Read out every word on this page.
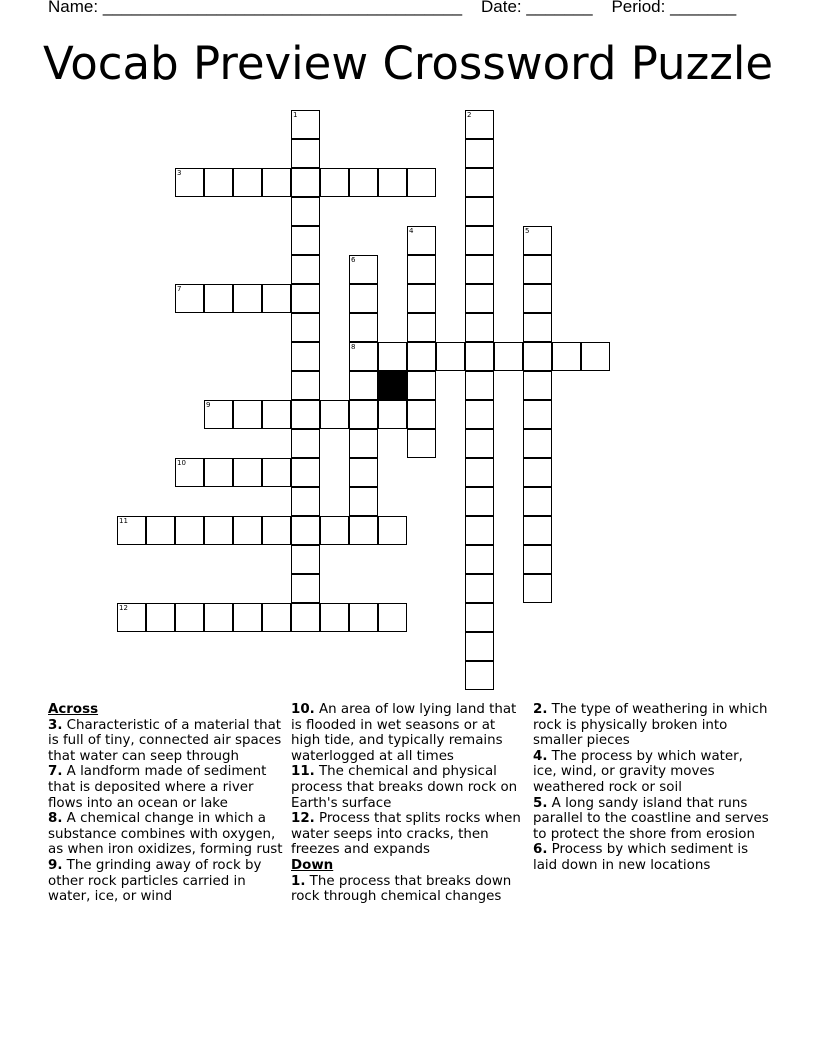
Name: ______________________________________ Date: _______ Period: _______
Vocab Preview Crossword Puzzle
1	2
3
4	5
6
8
7
9
10
11
12
Across
3. Characteristic of a material that is full of tiny, connected air spaces that water can seep through
7. A landform made of sediment that is deposited where a river flows into an ocean or lake
8. A chemical change in which a substance combines with oxygen, as when iron oxidizes, forming rust
9. The grinding away of rock by other rock particles carried in water, ice, or wind
10. An area of low lying land that is flooded in wet seasons or at high tide, and typically remains waterlogged at all times
11. The chemical and physical process that breaks down rock on Earth's surface
12. Process that splits rocks when water seeps into cracks, then freezes and expands
Down
1. The process that breaks down rock through chemical changes
2. The type of weathering in which rock is physically broken into smaller pieces
4. The process by which water, ice, wind, or gravity moves weathered rock or soil
5. A long sandy island that runs parallel to the coastline and serves to protect the shore from erosion
6. Process by which sediment is laid down in new locations
